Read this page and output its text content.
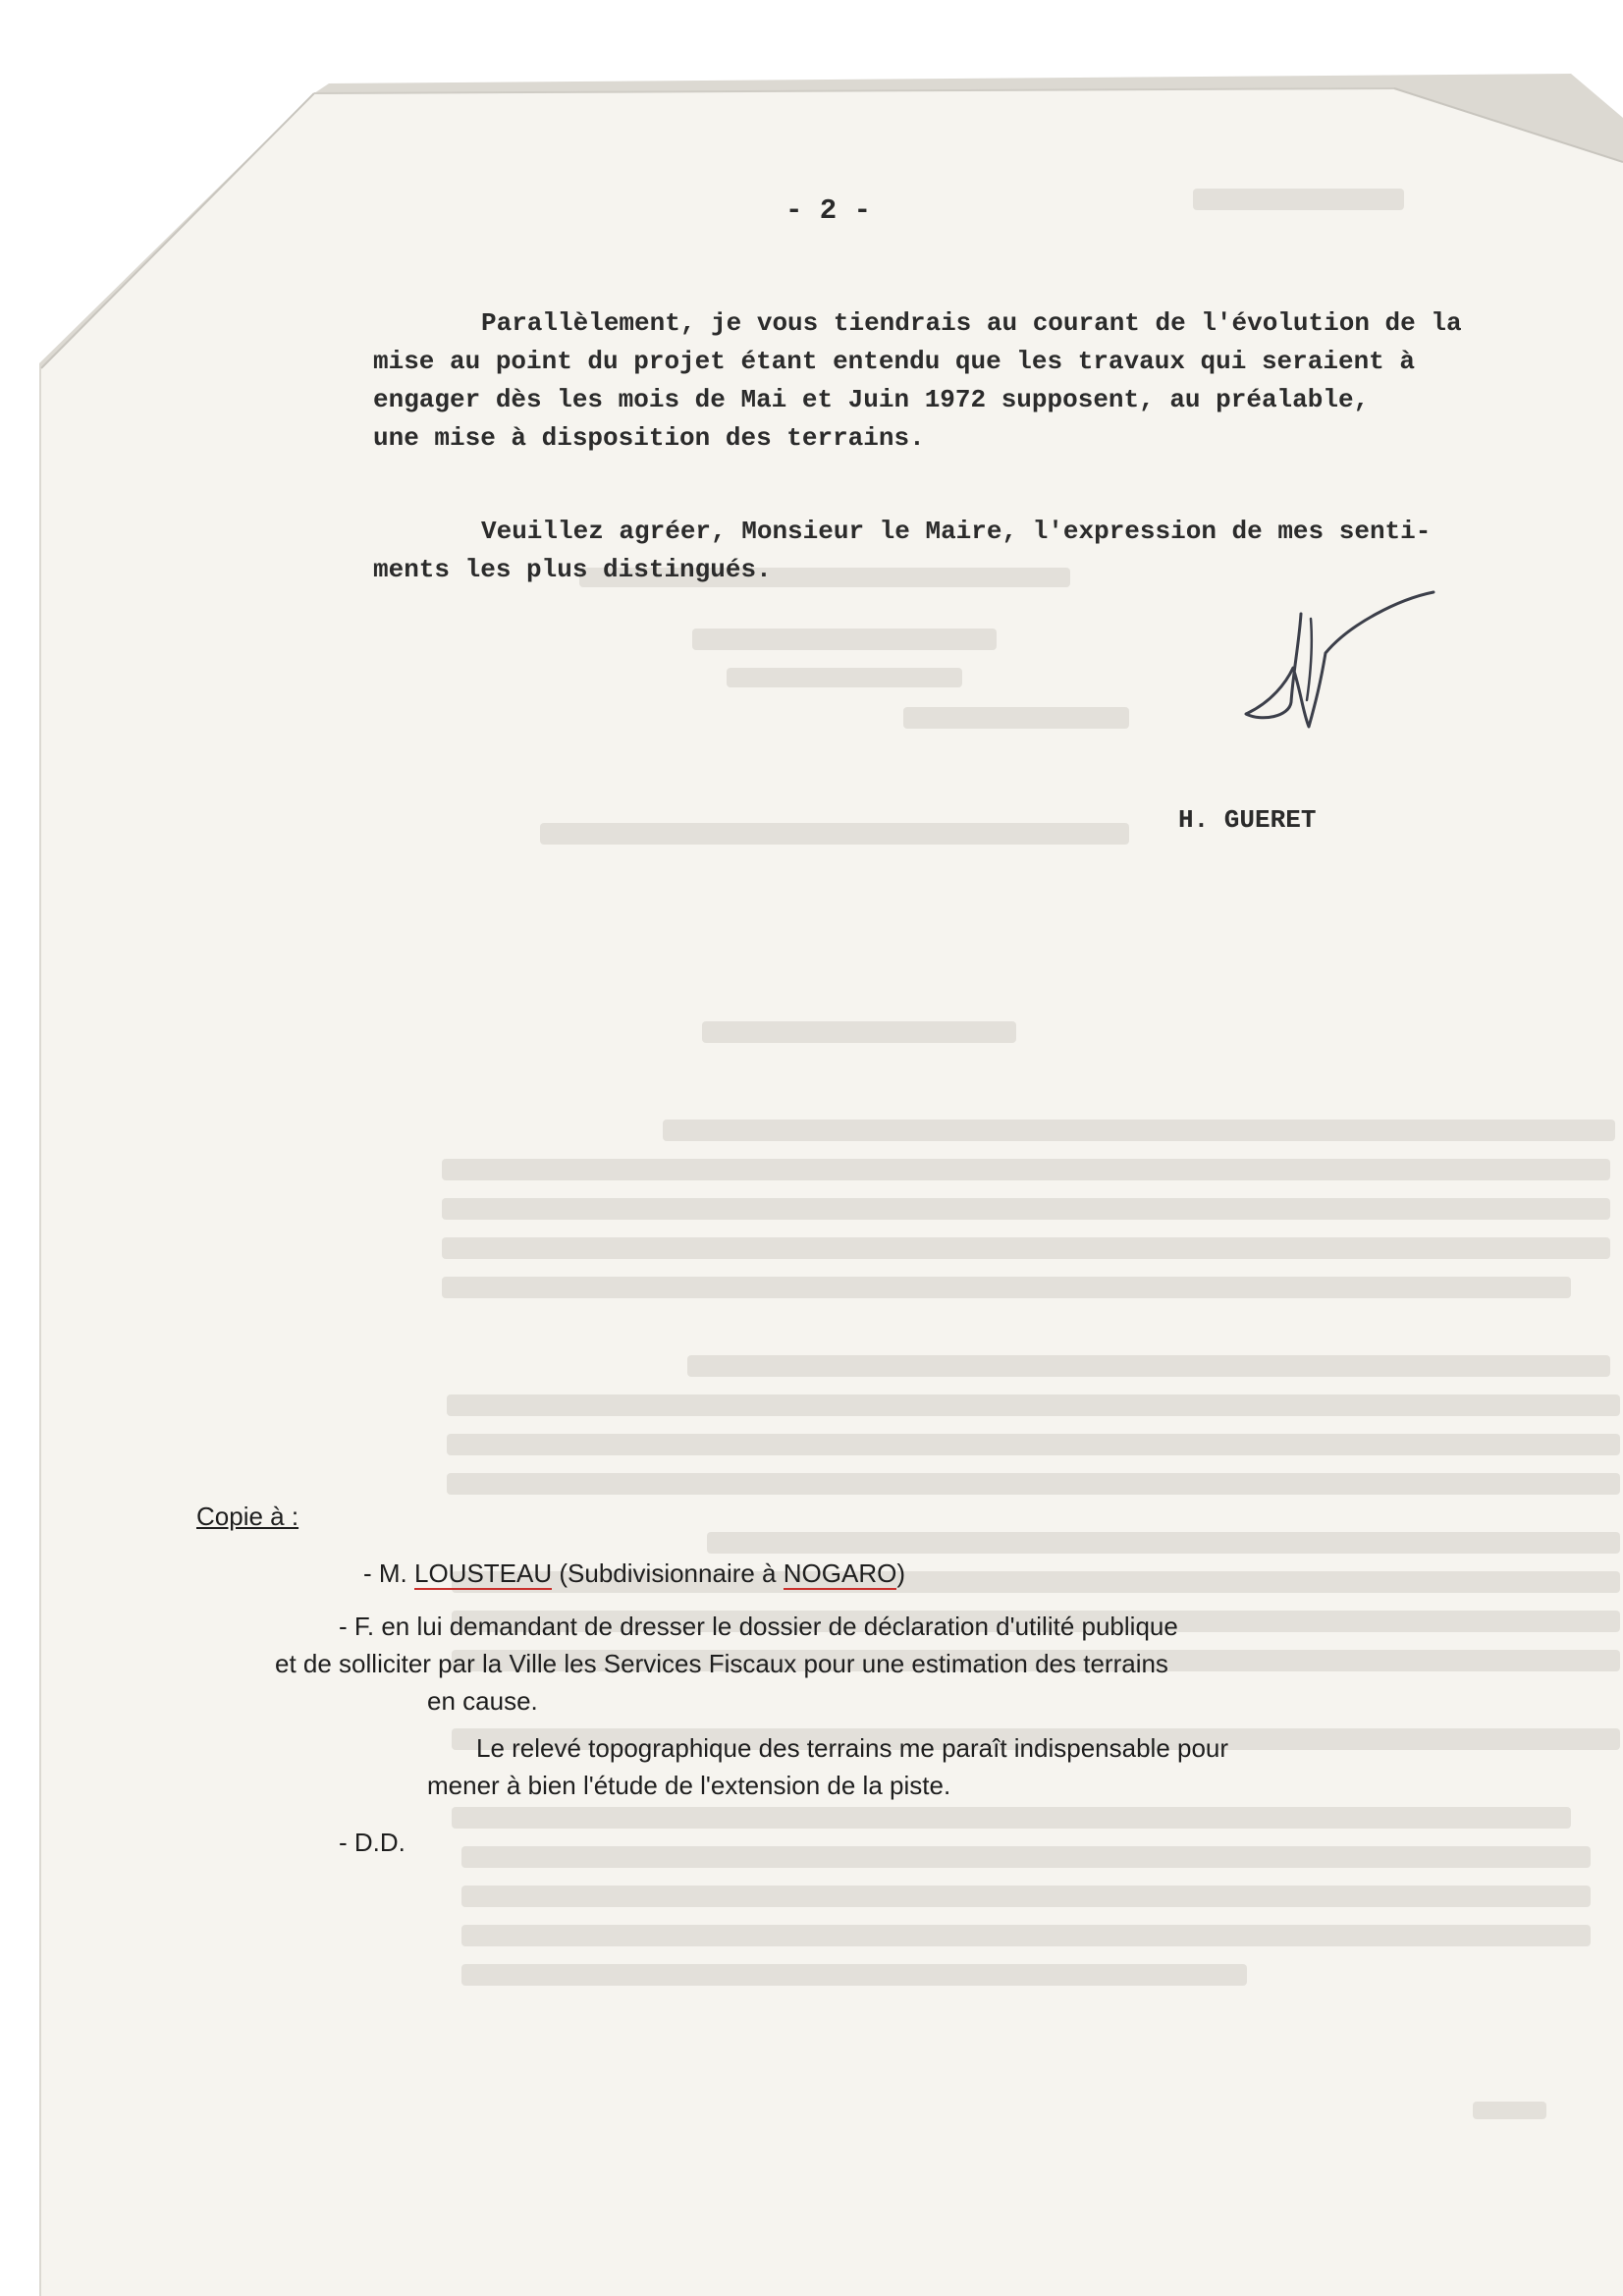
- 2 -
Parallèlement, je vous tiendrais au courant de l'évolution de la
mise au point du projet étant entendu que les travaux qui seraient à
engager dès les mois de Mai et Juin 1972 supposent, au préalable,
une mise à disposition des terrains.
Veuillez agréer, Monsieur le Maire, l'expression de mes senti-
ments les plus distingués.
H. GUERET
Copie à :
- M. LOUSTEAU (Subdivisionnaire à NOGARO)
- F. en lui demandant de dresser le dossier de déclaration d'utilité publique
et de solliciter par la Ville les Services Fiscaux pour une estimation des terrains
en cause.
Le relevé topographique des terrains me paraît indispensable pour
mener à bien l'étude de l'extension de la piste.
- D.D.
